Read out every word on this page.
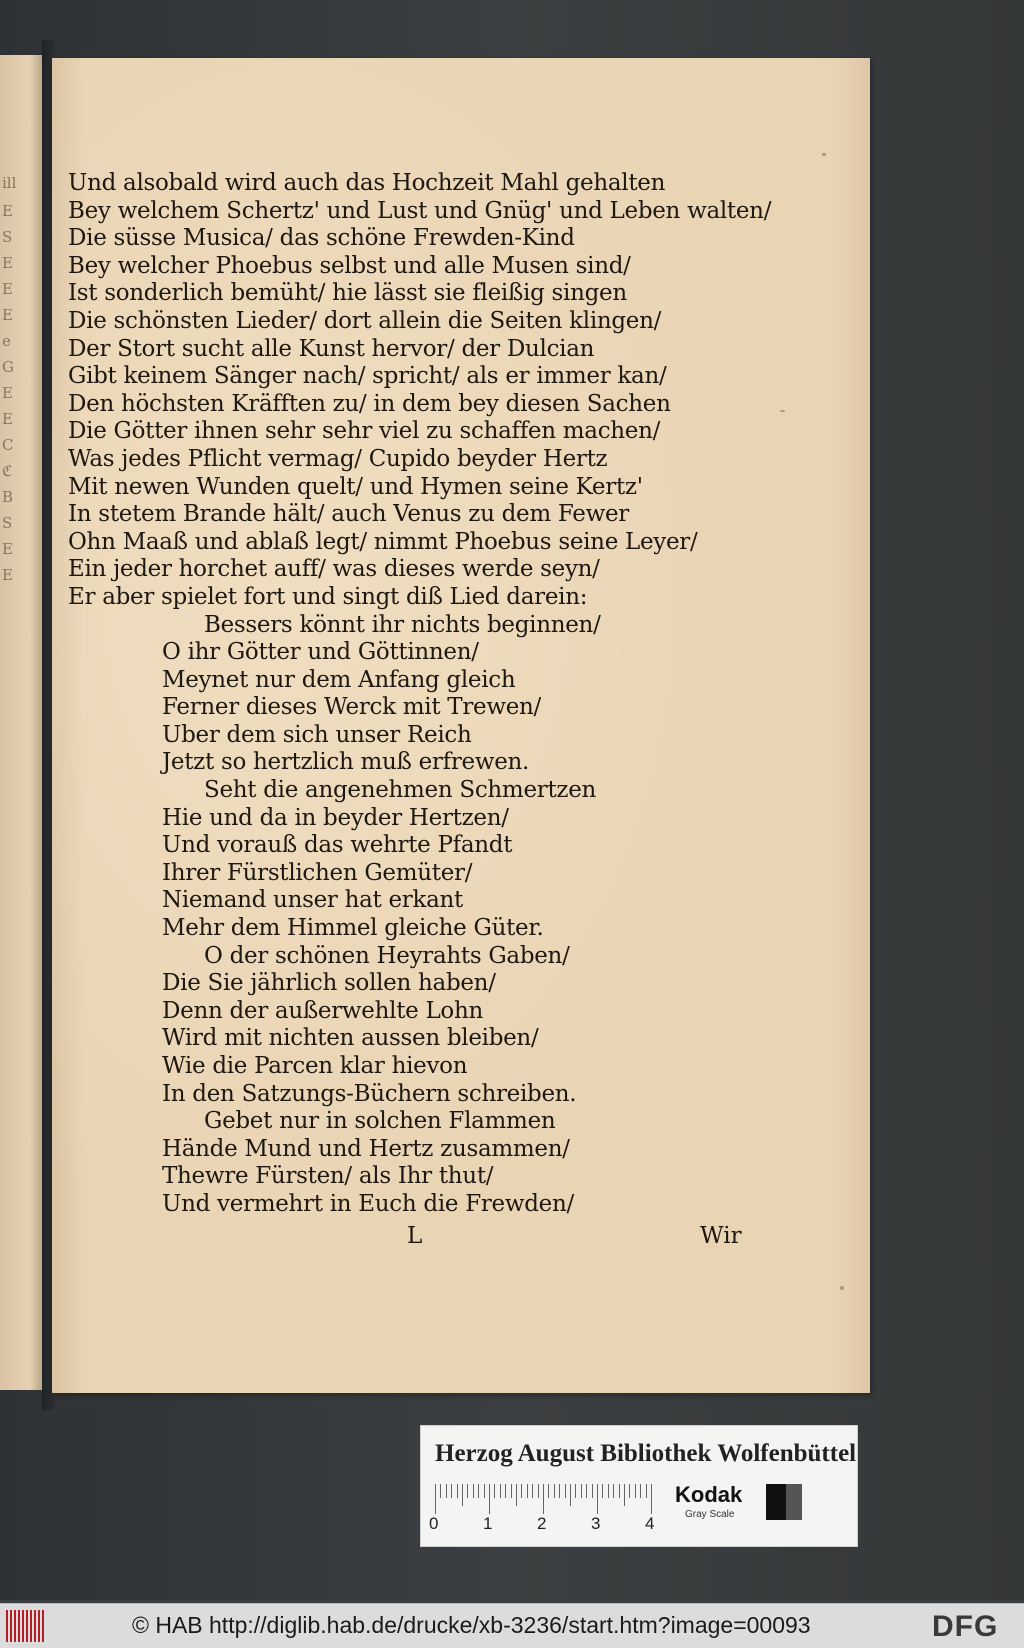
ill
E
S
E
E
E
e
G
E
E
C
ℭ
B
S
E
E
Und alsobald wird auch das Hochzeit Mahl gehalten
Bey welchem Schertz' und Lust und Gnüg' und Leben walten/
Die süsse Musica/ das schöne Frewden-Kind
Bey welcher Phoebus selbst und alle Musen sind/
Ist sonderlich bemüht/ hie lässt sie fleißig singen
Die schönsten Lieder/ dort allein die Seiten klingen/
Der Stort sucht alle Kunst hervor/ der Dulcian
Gibt keinem Sänger nach/ spricht/ als er immer kan/
Den höchsten Kräfften zu/ in dem bey diesen Sachen
Die Götter ihnen sehr sehr viel zu schaffen machen/
Was jedes Pflicht vermag/ Cupido beyder Hertz
Mit newen Wunden quelt/ und Hymen seine Kertz'
In stetem Brande hält/ auch Venus zu dem Fewer
Ohn Maaß und ablaß legt/ nimmt Phoebus seine Leyer/
Ein jeder horchet auff/ was dieses werde seyn/
Er aber spielet fort und singt diß Lied darein:
Bessers könnt ihr nichts beginnen/
O ihr Götter und Göttinnen/
Meynet nur dem Anfang gleich
Ferner dieses Werck mit Trewen/
Uber dem sich unser Reich
Jetzt so hertzlich muß erfrewen.
Seht die angenehmen Schmertzen
Hie und da in beyder Hertzen/
Und vorauß das wehrte Pfandt
Ihrer Fürstlichen Gemüter/
Niemand unser hat erkant
Mehr dem Himmel gleiche Güter.
O der schönen Heyrahts Gaben/
Die Sie jährlich sollen haben/
Denn der außerwehlte Lohn
Wird mit nichten aussen bleiben/
Wie die Parcen klar hievon
In den Satzungs-Büchern schreiben.
Gebet nur in solchen Flammen
Hände Mund und Hertz zusammen/
Thewre Fürsten/ als Ihr thut/
Und vermehrt in Euch die Frewden/
L	Wir
Herzog August Bibliothek Wolfenbüttel
0	1	2	3	4
Kodak
Gray Scale
© HAB http://diglib.hab.de/drucke/xb-3236/start.htm?image=00093	DFG
